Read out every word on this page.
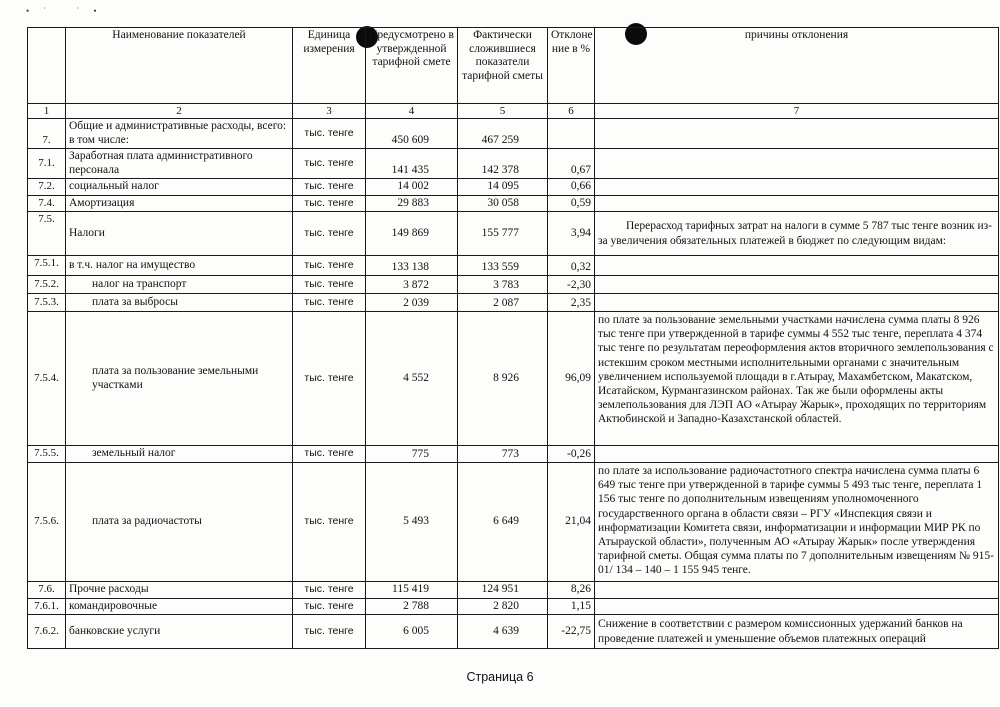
•˙ ˙•
	Наименование показателей	Единица измерения	Предусмотрено в утвержденной тарифной смете	Фактически сложившиеся показатели тарифной сметы	Отклоне ние в %	причины отклонения
1	2	3	4	5	6	7
7.	Общие и административные расходы, всего: в том числе:	тыс. тенге	450 609	467 259		
7.1.	Заработная плата административного персонала	тыс. тенге	141 435	142 378	0,67	
7.2.	социальный налог	тыс. тенге	14 002	14 095	0,66	
7.4.	Амортизация	тыс. тенге	29 883	30 058	0,59	
7.5.	Налоги	тыс. тенге	149 869	155 777	3,94	Перерасход тарифных затрат на налоги в сумме 5 787 тыс тенге возник из-за увеличения обязательных платежей в бюджет по следующим видам:
7.5.1.	в т.ч. налог на имущество	тыс. тенге	133 138	133 559	0,32	
7.5.2.	налог на транспорт	тыс. тенге	3 872	3 783	-2,30	
7.5.3.	плата за выбросы	тыс. тенге	2 039	2 087	2,35	
7.5.4.	плата за пользование земельными участками	тыс. тенге	4 552	8 926	96,09	по плате за пользование земельными участками начислена сумма платы 8 926 тыс тенге при утвержденной в тарифе суммы 4 552 тыс тенге, переплата 4 374 тыс тенге по результатам переоформления актов вторичного землепользования с истекшим сроком местными исполнительными органами с значительным увеличением используемой площади в г.Атырау, Махамбетском, Макатском, Исатайском, Курмангазинском районах. Так же были оформлены акты землепользования для ЛЭП АО «Атырау Жарык», проходящих по территориям Актюбинской и Западно-Казахстанской областей.
7.5.5.	земельный налог	тыс. тенге	775	773	-0,26	
7.5.6.	плата за радиочастоты	тыс. тенге	5 493	6 649	21,04	по плате за использование радиочастотного спектра начислена сумма платы 6 649 тыс тенге при утвержденной в тарифе суммы 5 493 тыс тенге, переплата 1 156 тыс тенге по дополнительным извещениям уполномоченного государственного органа в области связи – РГУ «Инспекция связи и информатизации Комитета связи, информатизации и информации МИР РК по Атырауской области», полученным АО «Атырау Жарык» после утверждения тарифной сметы. Общая сумма платы по 7 дополнительным извещениям № 915-01/ 134 – 140 – 1 155 945 тенге.
7.6.	Прочие расходы	тыс. тенге	115 419	124 951	8,26	
7.6.1.	командировочные	тыс. тенге	2 788	2 820	1,15	
7.6.2.	банковские услуги	тыс. тенге	6 005	4 639	-22,75	Снижение в соответствии с размером комиссионных удержаний банков на проведение платежей и уменьшение объемов платежных операций
Страница 6
